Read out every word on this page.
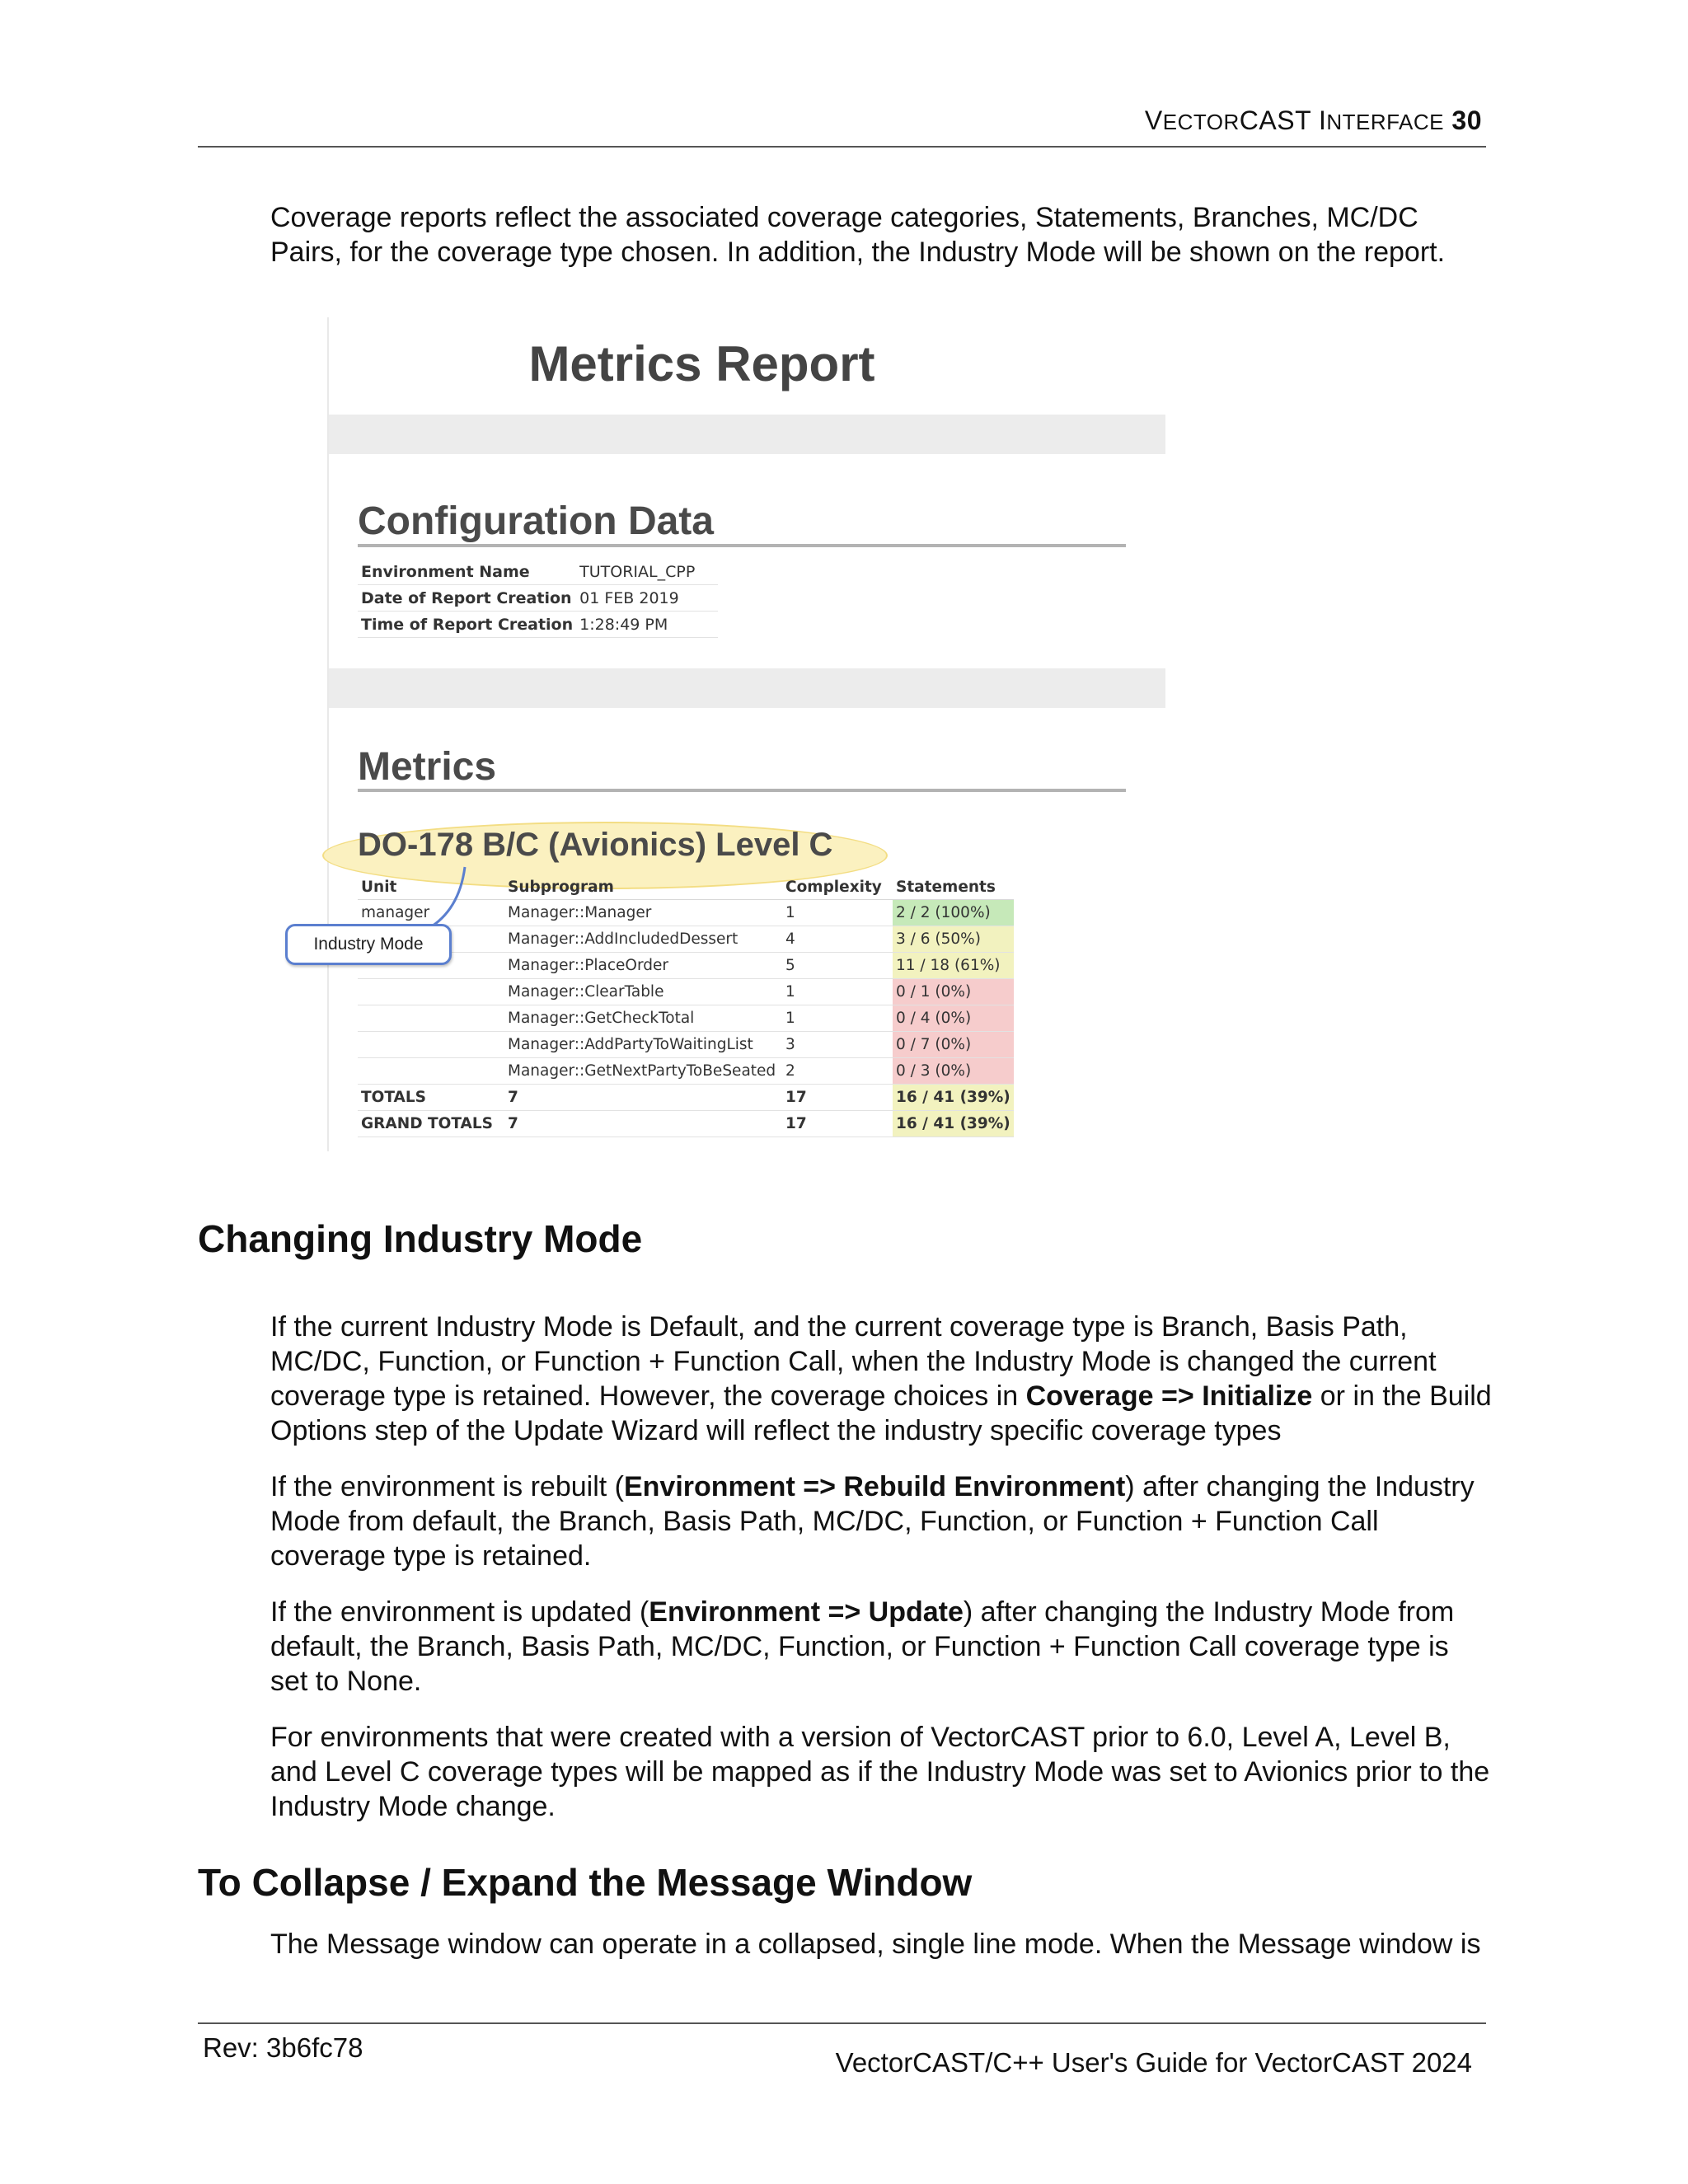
VECTORCAST INTERFACE 30
Coverage reports reflect the associated coverage categories, Statements, Branches, MC/DC Pairs, for the coverage type chosen. In addition, the Industry Mode will be shown on the report.
Metrics Report
Configuration Data
Environment Name	TUTORIAL_CPP
Date of Report Creation	01 FEB 2019
Time of Report Creation	1:28:49 PM
Metrics
DO-178 B/C (Avionics) Level C
Unit	Subprogram	Complexity	Statements
manager	Manager::Manager	1	2 / 2 (100%)
	Manager::AddIncludedDessert	4	3 / 6 (50%)
	Manager::PlaceOrder	5	11 / 18 (61%)
	Manager::ClearTable	1	0 / 1 (0%)
	Manager::GetCheckTotal	1	0 / 4 (0%)
	Manager::AddPartyToWaitingList	3	0 / 7 (0%)
	Manager::GetNextPartyToBeSeated	2	0 / 3 (0%)
TOTALS	7	17	16 / 41 (39%)
GRAND TOTALS	7	17	16 / 41 (39%)
Industry Mode
Changing Industry Mode
If the current Industry Mode is Default, and the current coverage type is Branch, Basis Path, MC/DC, Function, or Function + Function Call, when the Industry Mode is changed the current coverage type is retained. However, the coverage choices in Coverage => Initialize or in the Build Options step of the Update Wizard will reflect the industry specific coverage types
If the environment is rebuilt (Environment => Rebuild Environment) after changing the Industry Mode from default, the Branch, Basis Path, MC/DC, Function, or Function + Function Call coverage type is retained.
If the environment is updated (Environment => Update) after changing the Industry Mode from default, the Branch, Basis Path, MC/DC, Function, or Function + Function Call coverage type is set to None.
For environments that were created with a version of VectorCAST prior to 6.0, Level A, Level B, and Level C coverage types will be mapped as if the Industry Mode was set to Avionics prior to the Industry Mode change.
To Collapse / Expand the Message Window
The Message window can operate in a collapsed, single line mode. When the Message window is
Rev: 3b6fc78	VectorCAST/C++ User's Guide for VectorCAST 2024
